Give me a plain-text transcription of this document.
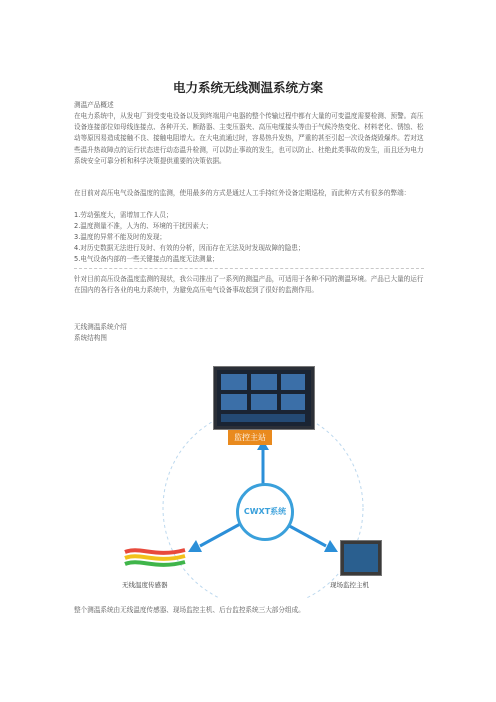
电力系统无线测温系统方案
测温产品概述
在电力系统中，从发电厂到受变电设备以及到终端用户电器的整个传输过程中都有大量的可变温度需要检测、预警。高压设备连接部位如母线连接点、各种开关、断路器、主变压器夹、高压电缆接头等由于气候冷热变化、材料老化、锈蚀、松动等原因易造成接触不良、接触电阻增大。在大电流通过时，容易热升发热，严重的甚至引起一次设备烧毁爆炸。若对这些温升热故障点的运行状态进行动态温升检测，可以防止事故的发生，也可以防止、杜绝此类事故的发生，而且还为电力系统安全可靠分析和科学决策提供重要的决策依据。
在目前对高压电气设备温度的监测，使用最多的方式是通过人工手持红外设备定期巡检，而此种方式有很多的弊端：
1.劳动强度大，需增加工作人员；
2.温度测量不准，人为的、环境的干扰因素大；
3.温度的异常不能及时的发现；
4.对历史数据无法进行及时、有效的分析，因而存在无法及时发现故障的隐患；
5.电气设备内部的一些关键接点的温度无法测量；
针对目前高压设备温度监测的现状，我公司推出了一系列的测温产品，可适用于各种不同的测温环境。产品已大量的运行在国内的各行各业的电力系统中，为避免高压电气设备事故起到了很好的监测作用。
无线测温系统介绍
系统结构图
监控主站
CWXT系统
无线温度传感器	现场监控主机
整个测温系统由无线温度传感器、现场监控主机、后台监控系统三大部分组成。
